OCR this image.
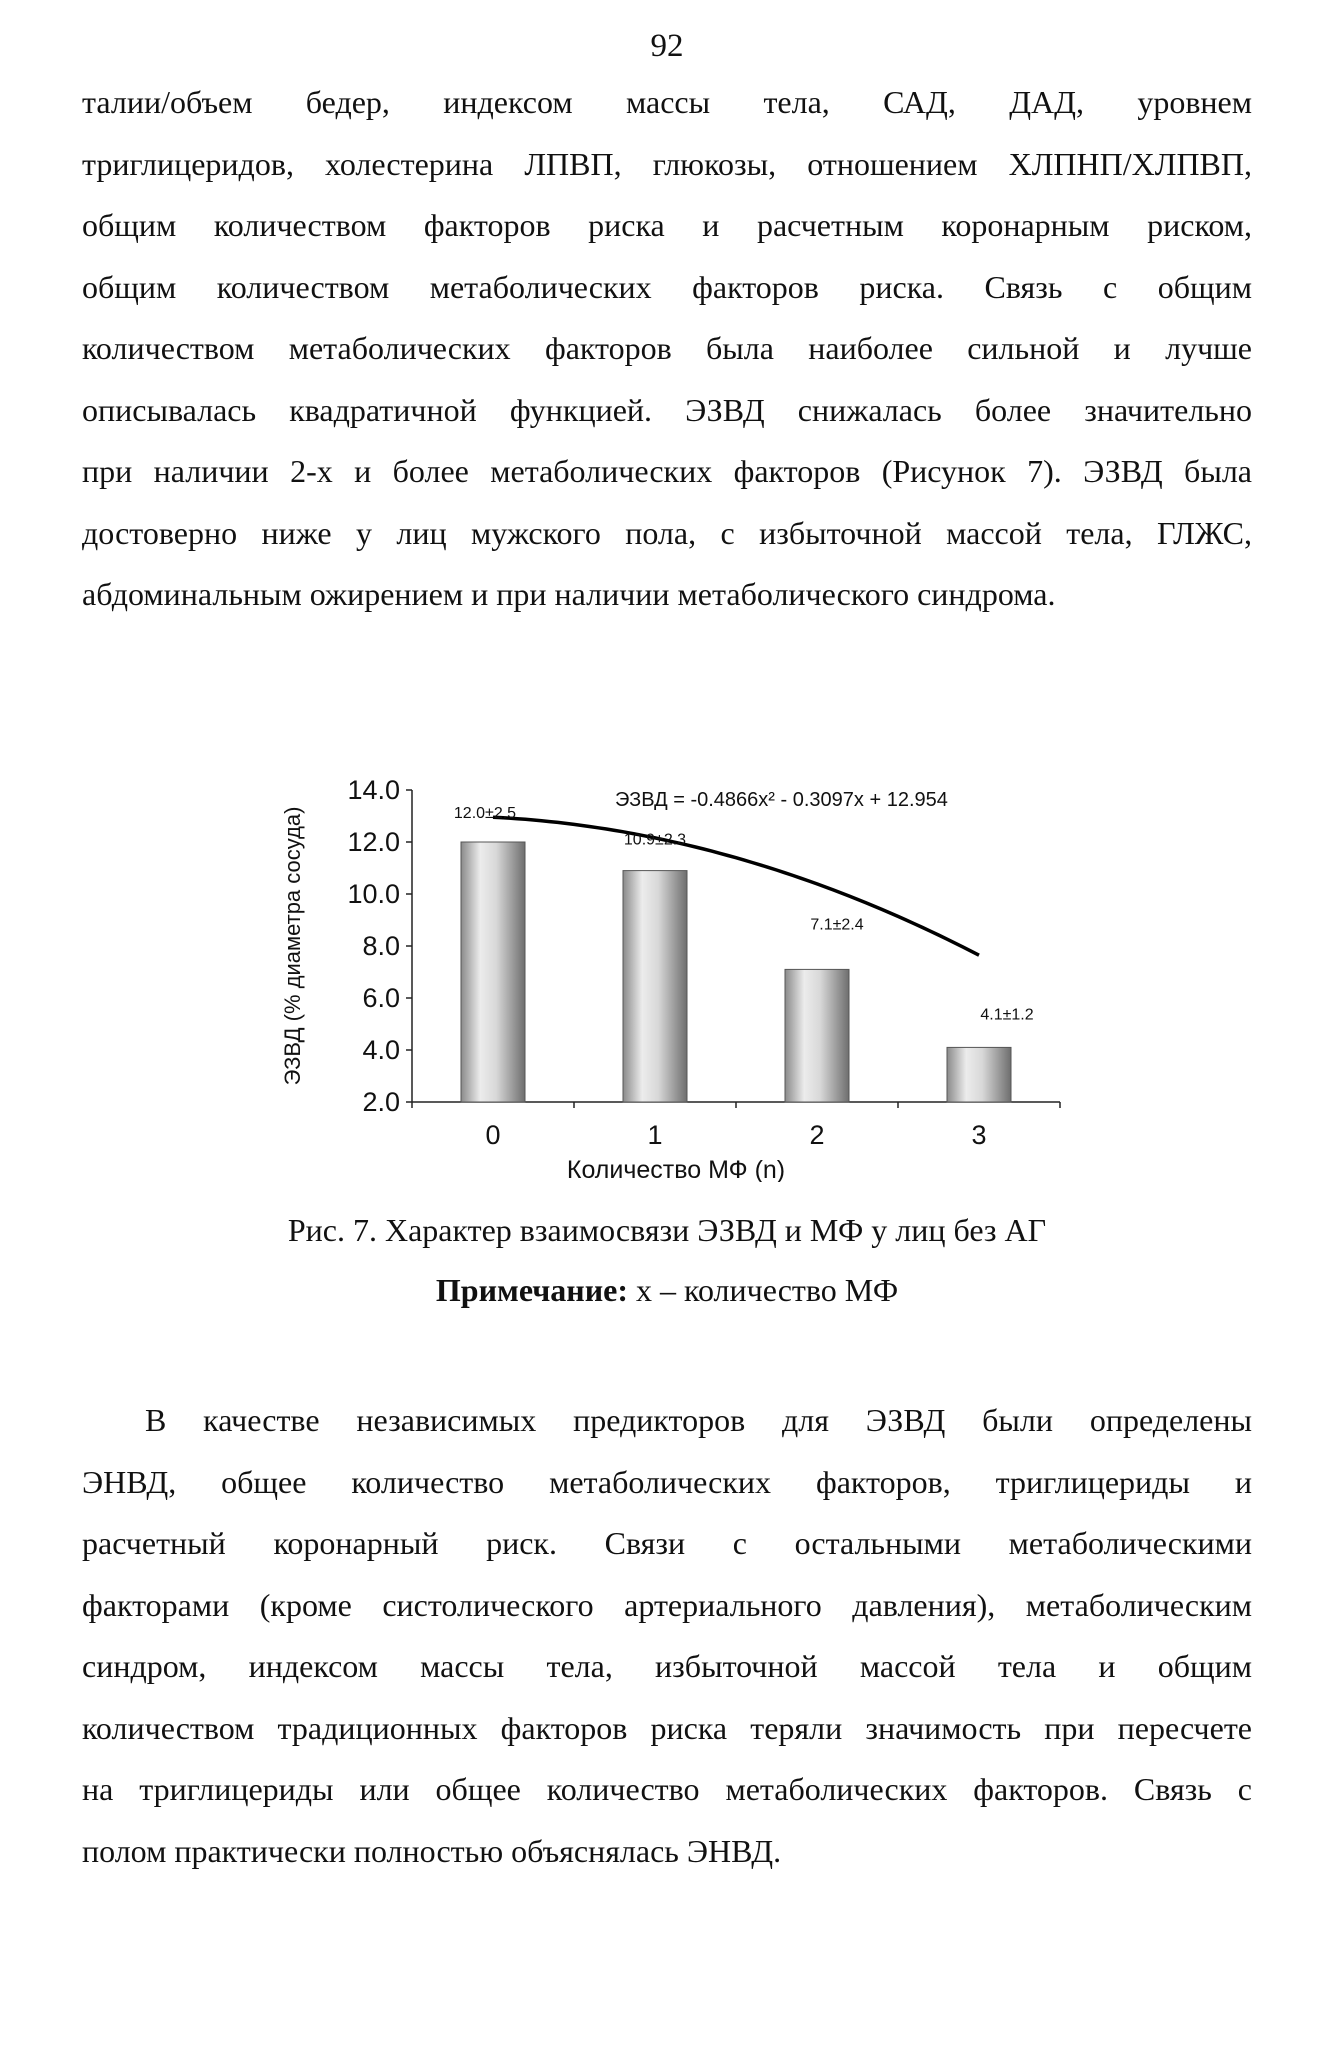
92
талии/объем бедер, индексом массы тела, САД, ДАД, уровнем
триглицеридов, холестерина ЛПВП, глюкозы, отношением ХЛПНП/ХЛПВП,
общим количеством факторов риска и расчетным коронарным риском,
общим количеством метаболических факторов риска. Связь с общим
количеством метаболических факторов была наиболее сильной и лучше
описывалась квадратичной функцией. ЭЗВД снижалась более значительно
при наличии 2-х и более метаболических факторов (Рисунок 7). ЭЗВД была
достоверно ниже у лиц мужского пола, с избыточной массой тела, ГЛЖС,
абдоминальным ожирением и при наличии метаболического синдрома.
14.0
12.0
10.0
8.0
6.0
4.0
2.0
0	1	2	3
12.0±2.5
10.9±2.3
7.1±2.4
4.1±1.2
ЭЗВД = -0.4866x² - 0.3097x + 12.954
Количество МФ (n)
ЭЗВД (% диаметра сосуда)
Рис. 7. Характер взаимосвязи ЭЗВД и МФ у лиц без АГ
Примечание: х – количество МФ
В качестве независимых предикторов для ЭЗВД были определены
ЭНВД, общее количество метаболических факторов, триглицериды и
расчетный коронарный риск. Связи с остальными метаболическими
факторами (кроме систолического артериального давления), метаболическим
синдром, индексом массы тела, избыточной массой тела и общим
количеством традиционных факторов риска теряли значимость при пересчете
на триглицериды или общее количество метаболических факторов. Связь с
полом практически полностью объяснялась ЭНВД.
